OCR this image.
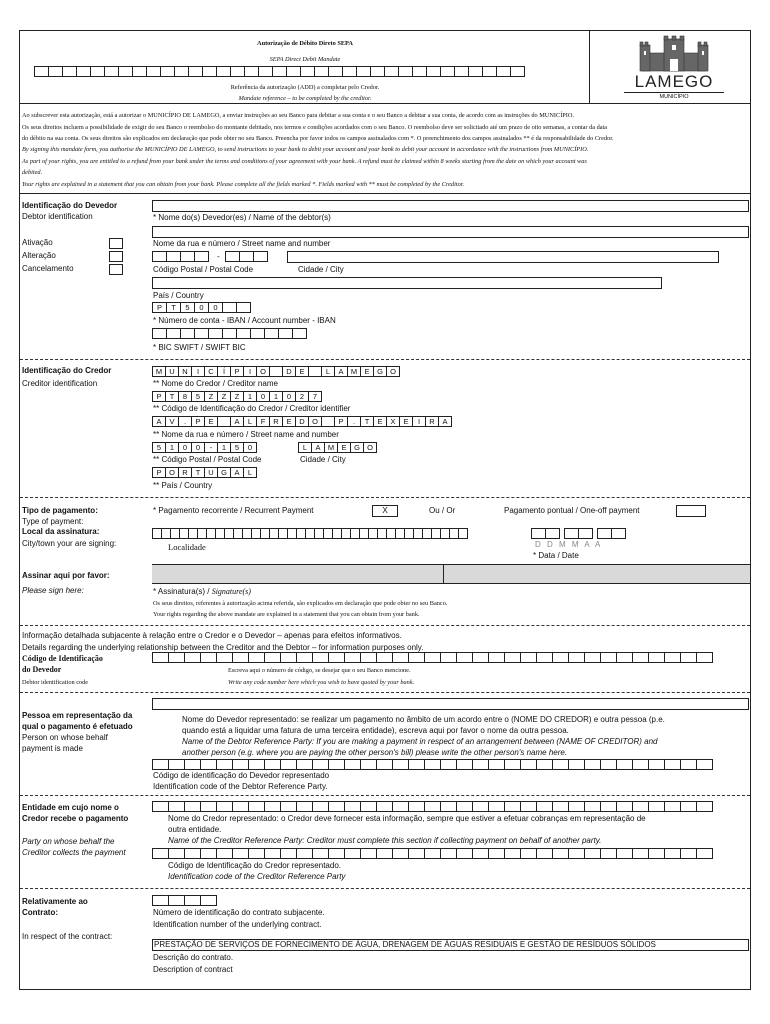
Autorização de Débito Direto SEPA
SEPA Direct Debit Mandate
Referência da autorização (ADD) a completar pelo Credor.
Mandate reference – to be completed by the creditor.
LAMEGO
MUNICÍPIO
Ao subscrever esta autorização, está a autorizar o MUNICÍPIO DE LAMEGO, a enviar instruções ao seu Banco para debitar a sua conta e o seu Banco a debitar a sua conta, de acordo com as instruções do MUNICÍPIO.
Os seus direitos incluem a possibilidade de exigir do seu Banco o reembolso do montante debitado, nos termos e condições acordados com o seu Banco. O reembolso deve ser solicitado até um prazo de oito semanas, a contar da data
do débito na sua conta. Os seus direitos são explicados em declaração que pode obter no seu Banco. Preencha por favor todos os campos assinalados com *. O preenchimento dos campos assinalados ** é da responsabilidade do Credor.
By signing this mandate form, you authorise the MUNICÍPIO DE LAMEGO, to send instructions to your bank to debit your account and your bank to debit your account in accordance with the instructions from MUNICÍPIO.
As part of your rights, you are entitled to a refund from your bank under the terms and conditions of your agreement with your bank. A refund must be claimed within 8 weeks starting from the date on which your account was
debited.
Your rights are explained in a statement that you can obtain from your bank. Please complete all the fields marked *. Fields marked with ** must be completed by the Creditor.
Identificação do Devedor
Debtor identification	* Nome do(s) Devedor(es) / Name of the debtor(s)
Ativação
Alteração
Cancelamento
Nome da rua e número / Street name and number
-
Código Postal / Postal Code	Cidade / City
País / Country
P	T	5	0	0
* Número de conta - IBAN / Account number - IBAN
* BIC SWIFT / SWIFT BIC
Identificação do Credor
Creditor identification
M U	N	I	C	Í	P	I	O	D	E	L	A M E	G O
** Nome do Credor / Creditor name
P	T	8	5	Z	Z	Z	1	0	1	0	2	7
** Código de Identificação do Credor / Creditor identifier
A	V	.	P	E	A	L	F	R	E	D O	P	.	T	E	X	E	I	R	A
** Nome da rua e número / Street name and number
5	1	0	0	-	1	5	0	L	A M E	G O
** Código Postal / Postal Code	Cidade / City
P	O R	T	U G	A	L
** País / Country
Tipo de pagamento:
Type of payment:
Local da assinatura:
City/town your are signing:
* Pagamento recorrente / Recurrent Payment	X	Ou / Or	Pagamento pontual / One-off payment
Localidade	D D M M A A
* Data / Date
Assinar aqui por favor:
Please sign here:	* Assinatura(s) / Signature(s)
Os seus direitos, referentes à autorização acima referida, são explicados em declaração que pode obter no seu Banco.
Your rights regarding the above mandate are explained in a statement that you can obtain from your bank.
Informação detalhada subjacente à relação entre o Credor e o Devedor – apenas para efeitos informativos.
Details regarding the underlying relationship between the Creditor and the Debtor – for information purposes only.
Código de Identificação
do Devedor
Debtor identification code
Escreva aqui o número de código, se desejar que o seu Banco mencione.
Write any code number here which you wish to have quoted by your bank.
Pessoa em representação da
qual o pagamento é efetuado
Person on whose behalf
payment is made
Nome do Devedor representado: se realizar um pagamento no âmbito de um acordo entre o (NOME DO CREDOR) e outra pessoa (p.e.
quando está a liquidar uma fatura de uma terceira entidade), escreva aqui por favor o nome da outra pessoa.
Name of the Debtor Reference Party: If you are making a payment in respect of an arrangement between (NAME OF CREDITOR) and
another person (e.g. where you are paying the other person's bill) please write the other person's name here.
Código de identificação do Devedor representado
Identification code of the Debtor Reference Party.
Entidade em cujo nome o
Credor recebe o pagamento
Party on whose behalf the
Creditor collects the payment
Nome do Credor representado: o Credor deve fornecer esta informação, sempre que estiver a efetuar cobranças em representação de
outra entidade.
Name of the Creditor Reference Party: Creditor must complete this section if collecting payment on behalf of another party.
Código de Identificação do Credor representado.
Identification code of the Creditor Reference Party
Relativamente ao
Contrato:
In respect of the contract:
Número de identificação do contrato subjacente.
Identification number of the underlying contract.
PRESTAÇÃO DE SERVIÇOS DE FORNECIMENTO DE ÁGUA, DRENAGEM DE ÁGUAS RESIDUAIS E GESTÃO DE RESÍDUOS SÓLIDOS
Descrição do contrato.
Description of contract
